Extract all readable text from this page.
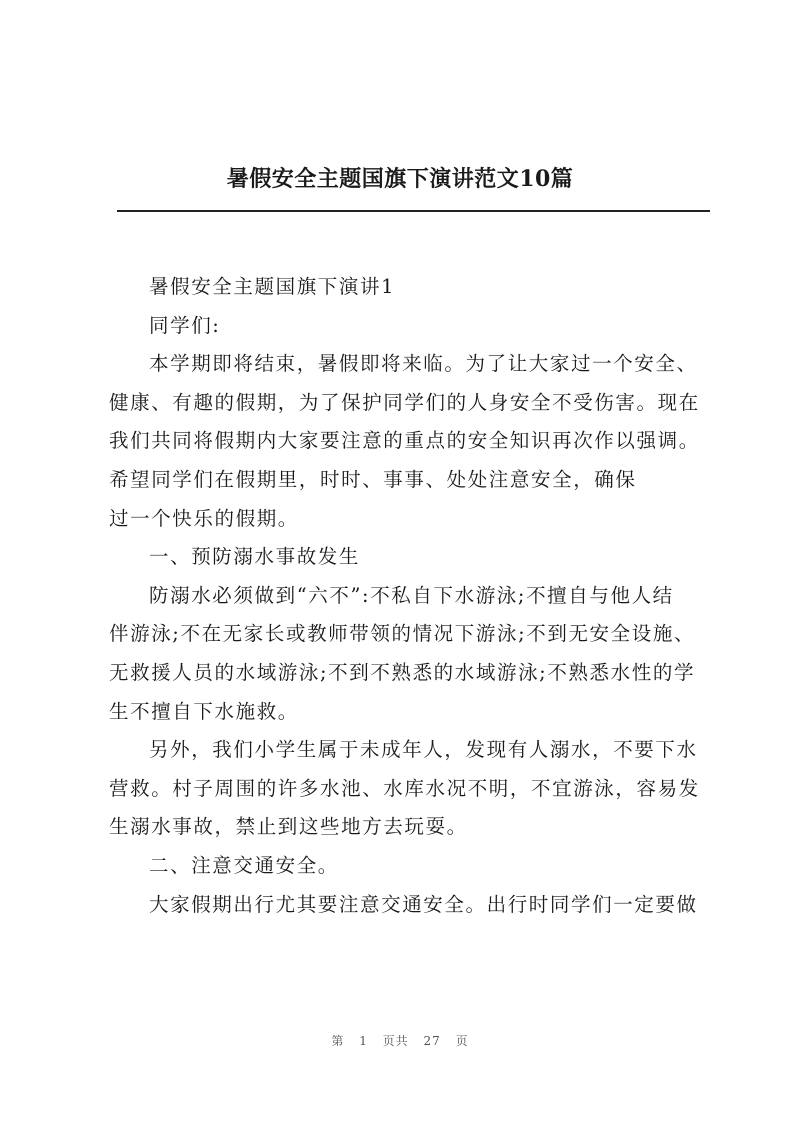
暑假安全主题国旗下演讲范文10篇
暑假安全主题国旗下演讲1
同学们:
本学期即将结束，暑假即将来临。为了让大家过一个安全、
健康、有趣的假期，为了保护同学们的人身安全不受伤害。现在
我们共同将假期内大家要注意的重点的安全知识再次作以强调。
希望同学们在假期里，时时、事事、处处注意安全，确保
过一个快乐的假期。
一、预防溺水事故发生
防溺水必须做到“六不”:不私自下水游泳;不擅自与他人结
伴游泳;不在无家长或教师带领的情况下游泳;不到无安全设施、
无救援人员的水域游泳;不到不熟悉的水域游泳;不熟悉水性的学
生不擅自下水施救。
另外，我们小学生属于未成年人，发现有人溺水，不要下水
营救。村子周围的许多水池、水库水况不明，不宜游泳，容易发
生溺水事故，禁止到这些地方去玩耍。
二、注意交通安全。
大家假期出行尤其要注意交通安全。出行时同学们一定要做
第 1 页共 27 页
